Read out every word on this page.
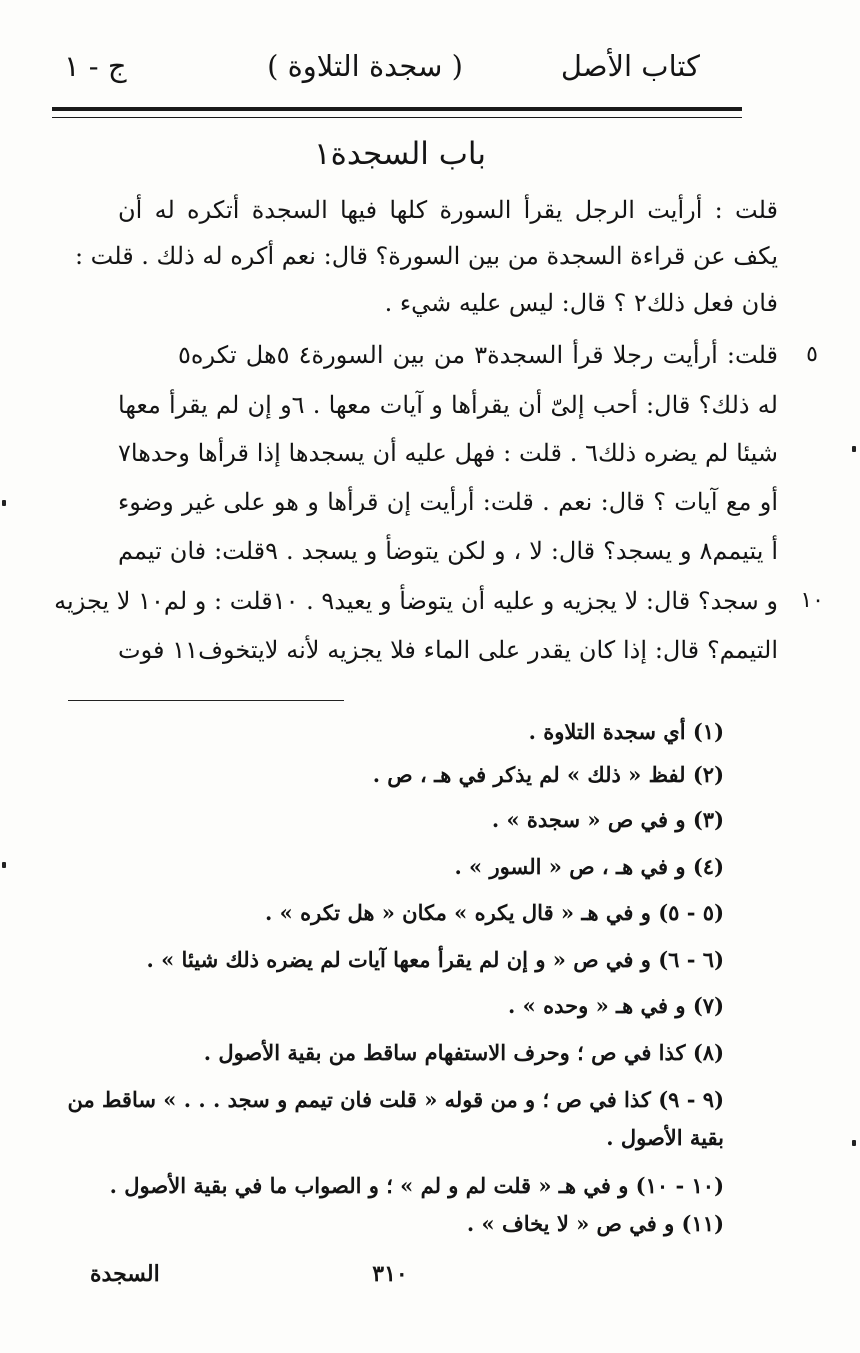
كتاب الأصل
( سجدة التلاوة )
ج - ١
باب السجدة١
قلت : أرأيت الرجل يقرأ السورة كلها فيها السجدة أتكره له أن
يكف عن قراءة السجدة من بين السورة؟ قال: نعم أكره له ذلك . قلت :
فان فعل ذلك٢ ؟ قال: ليس عليه شيء .
قلت: أرأيت رجلا قرأ السجدة٣ من بين السورة٤ ٥هل تكره٥ ٥
له ذلك؟ قال: أحب إلىّ أن يقرأها و آيات معها . ٦و إن لم يقرأ معها
شيئا لم يضره ذلك٦ . قلت : فهل عليه أن يسجدها إذا قرأها وحدها٧
أو مع آيات ؟ قال: نعم . قلت: أرأيت إن قرأها و هو على غير وضوء
أ يتيمم٨ و يسجد؟ قال: لا ، و لكن يتوضأ و يسجد . ٩قلت: فان تيمم
و سجد؟ قال: لا يجزيه و عليه أن يتوضأ و يعيد٩ . ١٠قلت : و لم١٠ لا يجزيه ١٠
التيمم؟ قال: إذا كان يقدر على الماء فلا يجزيه لأنه لايتخوف١١ فوت
(١) أي سجدة التلاوة .
(٢) لفظ « ذلك » لم يذكر في هـ ، ص .
(٣) و في ص « سجدة » .
(٤) و في هـ ، ص « السور » .
(٥ - ٥) و في هـ « قال يكره » مكان « هل تكره » .
(٦ - ٦) و في ص « و إن لم يقرأ معها آيات لم يضره ذلك شيئا » .
(٧) و في هـ « وحده » .
(٨) كذا في ص ؛ وحرف الاستفهام ساقط من بقية الأصول .
(٩ - ٩) كذا في ص ؛ و من قوله « قلت فان تيمم و سجد . . . » ساقط من
بقية الأصول .
(١٠ - ١٠) و في هـ « قلت لم و لم » ؛ و الصواب ما في بقية الأصول .
(١١) و في ص « لا يخاف » .
٣١٠
السجدة
